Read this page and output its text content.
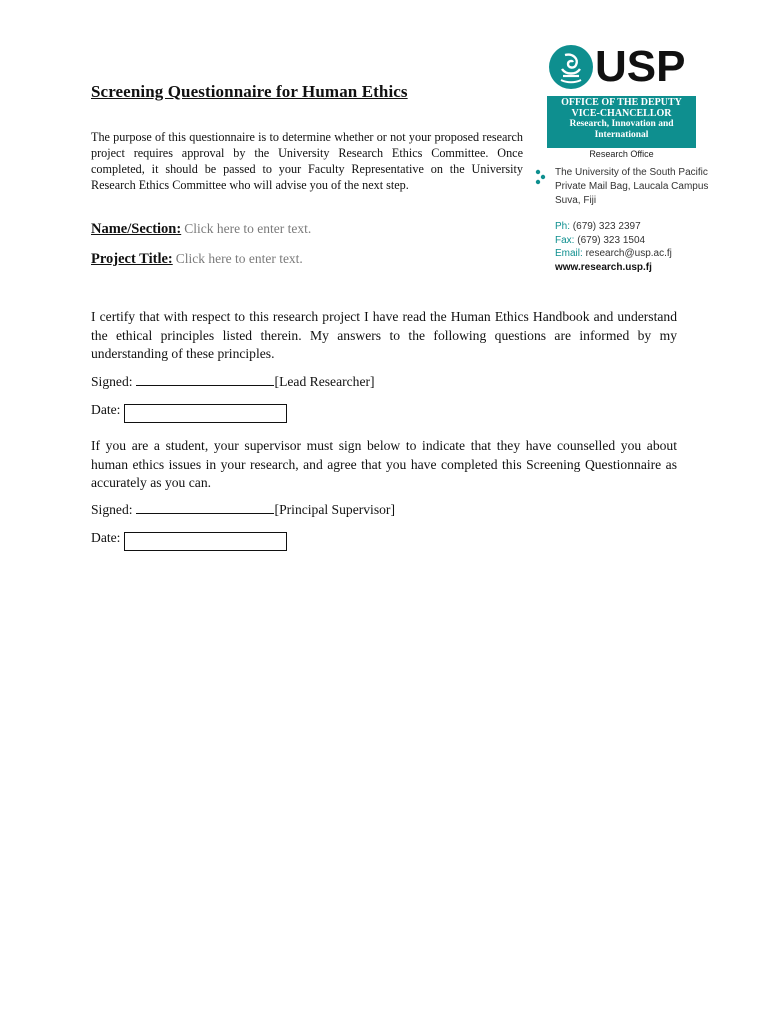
Screening Questionnaire for Human Ethics
The purpose of this questionnaire is to determine whether or not your proposed research project requires approval by the University Research Ethics Committee. Once completed, it should be passed to your Faculty Representative on the University Research Ethics Committee who will advise you of the next step.
Name/Section: Click here to enter text.
Project Title: Click here to enter text.
USP
OFFICE OF THE DEPUTY
VICE-CHANCELLOR
Research, Innovation and
International
Research Office
The University of the South Pacific
Private Mail Bag, Laucala Campus
Suva, Fiji
Ph: (679) 323 2397
Fax: (679) 323 1504
Email: research@usp.ac.fj
www.research.usp.fj
I certify that with respect to this research project I have read the Human Ethics Handbook and understand the ethical principles listed therein. My answers to the following questions are informed by my understanding of these principles.
Signed:	[Lead Researcher]
Date:
If you are a student, your supervisor must sign below to indicate that they have counselled you about human ethics issues in your research, and agree that you have completed this Screening Questionnaire as accurately as you can.
Signed:	[Principal Supervisor]
Date:
